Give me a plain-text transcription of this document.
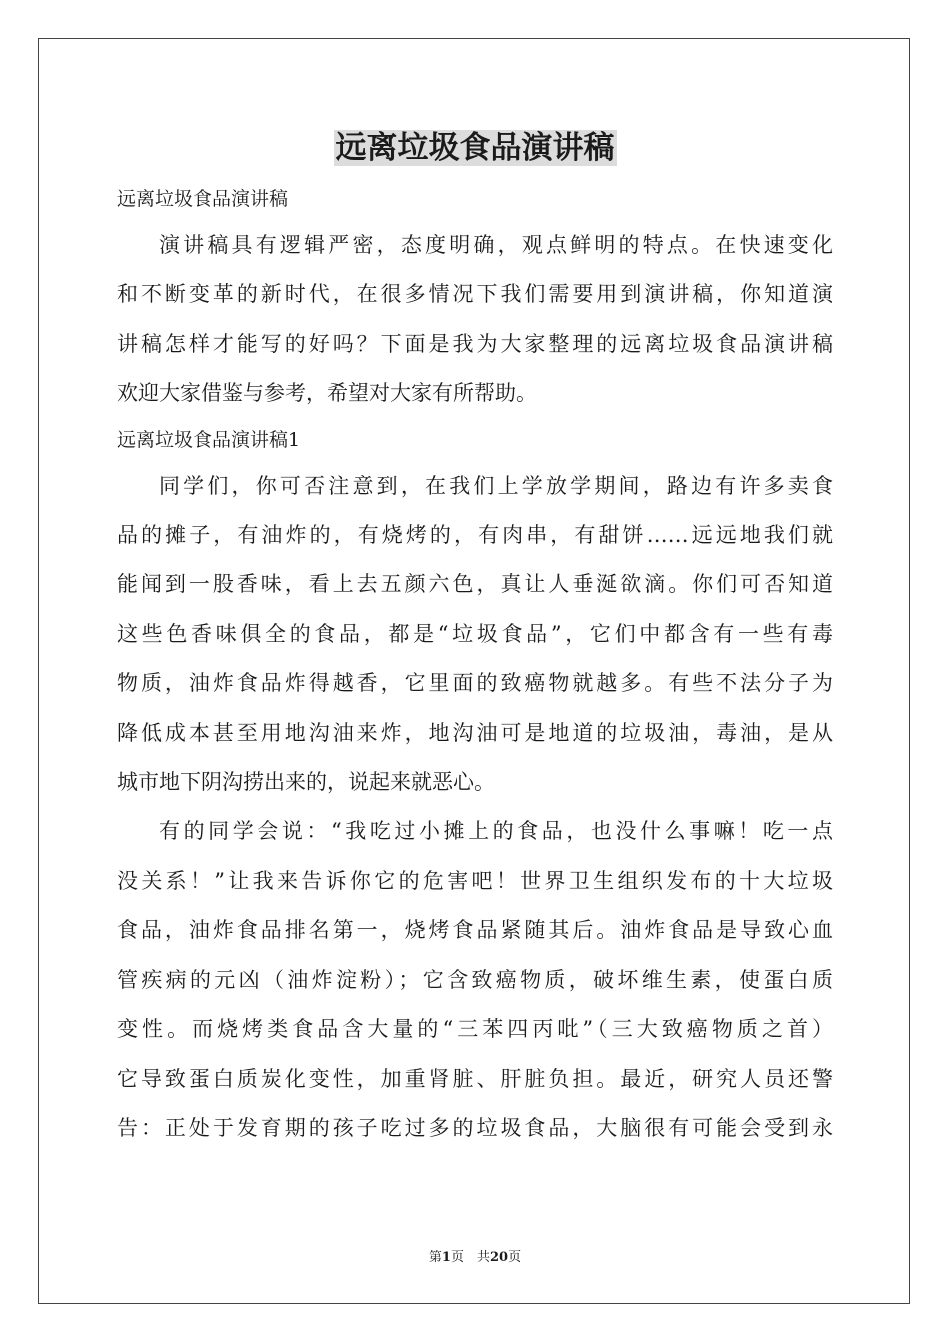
远离垃圾食品演讲稿
远离垃圾食品演讲稿
演讲稿具有逻辑严密，态度明确，观点鲜明的特点。在快速变化
和不断变革的新时代，在很多情况下我们需要用到演讲稿，你知道演
讲稿怎样才能写的好吗？下面是我为大家整理的远离垃圾食品演讲稿
欢迎大家借鉴与参考，希望对大家有所帮助。
远离垃圾食品演讲稿1
同学们，你可否注意到，在我们上学放学期间，路边有许多卖食
品的摊子，有油炸的，有烧烤的，有肉串，有甜饼……远远地我们就
能闻到一股香味，看上去五颜六色，真让人垂涎欲滴。你们可否知道
这些色香味俱全的食品，都是“垃圾食品”，它们中都含有一些有毒
物质，油炸食品炸得越香，它里面的致癌物就越多。有些不法分子为
降低成本甚至用地沟油来炸，地沟油可是地道的垃圾油，毒油，是从
城市地下阴沟捞出来的，说起来就恶心。
有的同学会说：“我吃过小摊上的食品，也没什么事嘛！吃一点
没关系！”让我来告诉你它的危害吧！世界卫生组织发布的十大垃圾
食品，油炸食品排名第一，烧烤食品紧随其后。油炸食品是导致心血
管疾病的元凶（油炸淀粉）；它含致癌物质，破坏维生素，使蛋白质
变性。而烧烤类食品含大量的“三苯四丙吡”（三大致癌物质之首）
它导致蛋白质炭化变性，加重肾脏、肝脏负担。最近，研究人员还警
告：正处于发育期的孩子吃过多的垃圾食品，大脑很有可能会受到永
第1页　共20页
